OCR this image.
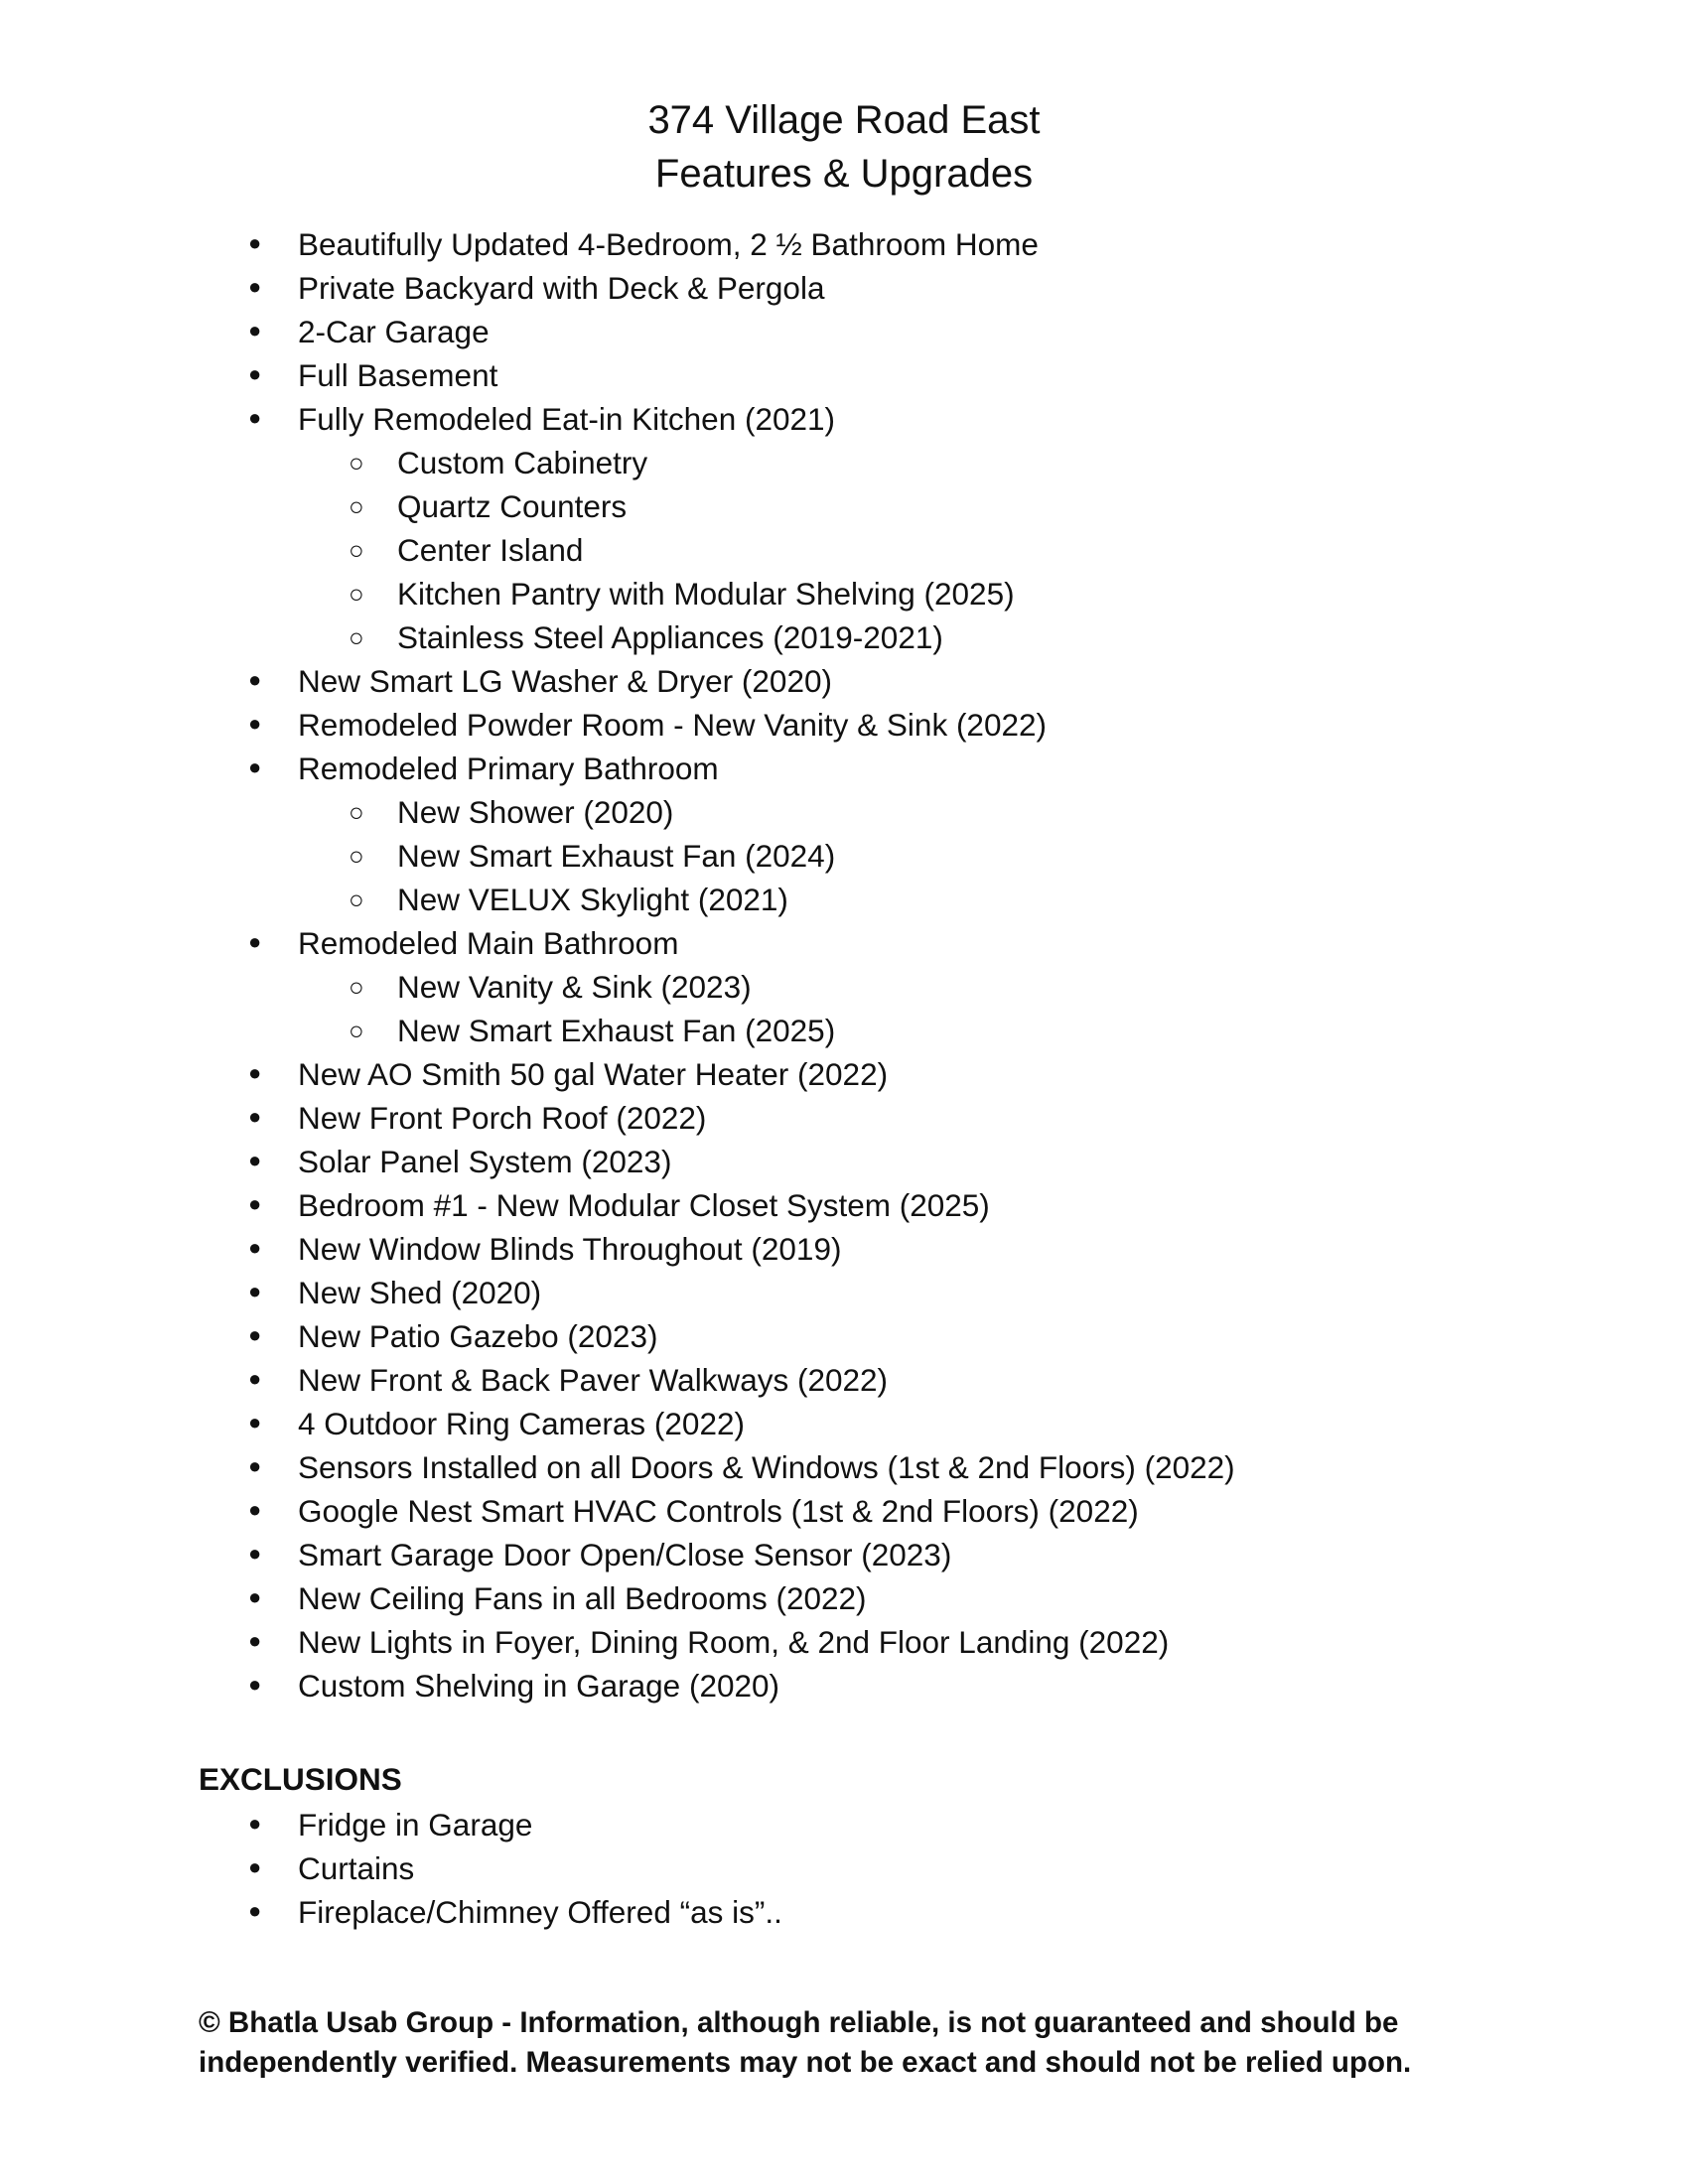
374 Village Road East
Features & Upgrades
● Beautifully Updated 4-Bedroom, 2 ½ Bathroom Home
● Private Backyard with Deck & Pergola
● 2-Car Garage
● Full Basement
● Fully Remodeled Eat-in Kitchen (2021)
○ Custom Cabinetry
○ Quartz Counters
○ Center Island
○ Kitchen Pantry with Modular Shelving (2025)
○ Stainless Steel Appliances (2019-2021)
● New Smart LG Washer & Dryer (2020)
● Remodeled Powder Room - New Vanity & Sink (2022)
● Remodeled Primary Bathroom
○ New Shower (2020)
○ New Smart Exhaust Fan (2024)
○ New VELUX Skylight (2021)
● Remodeled Main Bathroom
○ New Vanity & Sink (2023)
○ New Smart Exhaust Fan (2025)
● New AO Smith 50 gal Water Heater (2022)
● New Front Porch Roof (2022)
● Solar Panel System (2023)
● Bedroom #1 - New Modular Closet System (2025)
● New Window Blinds Throughout (2019)
● New Shed (2020)
● New Patio Gazebo (2023)
● New Front & Back Paver Walkways (2022)
● 4 Outdoor Ring Cameras (2022)
● Sensors Installed on all Doors & Windows (1st & 2nd Floors) (2022)
● Google Nest Smart HVAC Controls (1st & 2nd Floors) (2022)
● Smart Garage Door Open/Close Sensor (2023)
● New Ceiling Fans in all Bedrooms (2022)
● New Lights in Foyer, Dining Room, & 2nd Floor Landing (2022)
● Custom Shelving in Garage (2020)
EXCLUSIONS
● Fridge in Garage
● Curtains
● Fireplace/Chimney Offered “as is”..
© Bhatla Usab Group - Information, although reliable, is not guaranteed and should be
independently verified. Measurements may not be exact and should not be relied upon.
